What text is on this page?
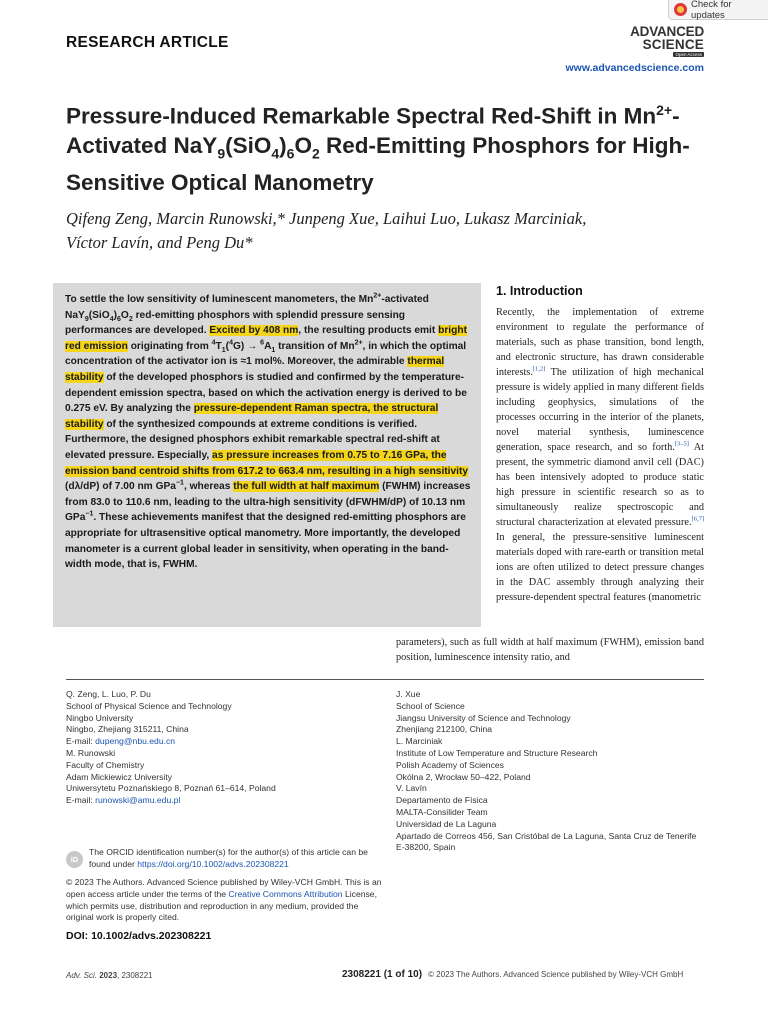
Check for updates
RESEARCH ARTICLE
ADVANCED
SCIENCE
Open Access
www.advancedscience.com
Pressure-Induced Remarkable Spectral Red-Shift in $Mn^{2+}$-Activated $NaY_9(SiO_4)_6O_2$ Red-Emitting Phosphors for High-Sensitive Optical Manometry
Qifeng Zeng, Marcin Runowski,* Junpeng Xue, Laihui Luo, Lukasz Marciniak,
Víctor Lavín, and Peng Du*
To settle the low sensitivity of luminescent manometers, the $Mn^{2+}$-activated $NaY_9(SiO_4)_6O_2$ red-emitting phosphors with splendid pressure sensing performances are developed. Excited by 408 nm, the resulting products emit bright red emission originating from $^4T_1(^4G) \to ^6A_1$ transition of $Mn^{2+}$, in which the optimal concentration of the activator ion is ≈1 mol%. Moreover, the admirable thermal stability of the developed phosphors is studied and confirmed by the temperature-dependent emission spectra, based on which the activation energy is derived to be 0.275 eV. By analyzing the pressure-dependent Raman spectra, the structural stability of the synthesized compounds at extreme conditions is verified. Furthermore, the designed phosphors exhibit remarkable spectral red-shift at elevated pressure. Especially, as pressure increases from 0.75 to 7.16 GPa, the emission band centroid shifts from 617.2 to 663.4 nm, resulting in a high sensitivity (dλ/dP) of 7.00 nm GPa$^{-1}$, whereas the full width at half maximum (FWHM) increases from 83.0 to 110.6 nm, leading to the ultra-high sensitivity (dFWHM/dP) of 10.13 nm GPa$^{-1}$. These achievements manifest that the designed red-emitting phosphors are appropriate for ultrasensitive optical manometry. More importantly, the developed manometer is a current global leader in sensitivity, when operating in the band-width mode, that is, FWHM.
1. Introduction
Recently, the implementation of extreme environment to regulate the performance of materials, such as phase transition, bond length, and electronic structure, has drawn considerable interests.[1,2] The utilization of high mechanical pressure is widely applied in many different fields including geophysics, simulations of the processes occurring in the interior of the planets, novel material synthesis, luminescence generation, space research, and so forth.[3–5] At present, the symmetric diamond anvil cell (DAC) has been intensively adopted to produce static high pressure in scientific research so as to simultaneously realize spectroscopic and structural characterization at elevated pressure.[6,7] In general, the pressure-sensitive luminescent materials doped with rare-earth or transition metal ions are often utilized to detect pressure changes in the DAC assembly through analyzing their pressure-dependent spectral features (manometric
parameters), such as full width at half maximum (FWHM), emission band position, luminescence intensity ratio, and
Q. Zeng, L. Luo, P. Du
School of Physical Science and Technology
Ningbo University
Ningbo, Zhejiang 315211, China
E-mail: dupeng@nbu.edu.cn
M. Runowski
Faculty of Chemistry
Adam Mickiewicz University
Uniwersytetu Poznańskiego 8, Poznań 61–614, Poland
E-mail: runowski@amu.edu.pl
J. Xue
School of Science
Jiangsu University of Science and Technology
Zhenjiang 212100, China
L. Marciniak
Institute of Low Temperature and Structure Research
Polish Academy of Sciences
Okólna 2, Wrocław 50–422, Poland
V. Lavín
Departamento de Física
MALTA-Consilider Team
Universidad de La Laguna
Apartado de Correos 456, San Cristóbal de La Laguna, Santa Cruz de Tenerife E-38200, Spain
iD
The ORCID identification number(s) for the author(s) of this article can be found under https://doi.org/10.1002/advs.202308221
© 2023 The Authors. Advanced Science published by Wiley-VCH GmbH. This is an open access article under the terms of the Creative Commons Attribution License, which permits use, distribution and reproduction in any medium, provided the original work is properly cited.
DOI: 10.1002/advs.202308221
Adv. Sci. 2023, 2308221	2308221 (1 of 10) © 2023 The Authors. Advanced Science published by Wiley-VCH GmbH
